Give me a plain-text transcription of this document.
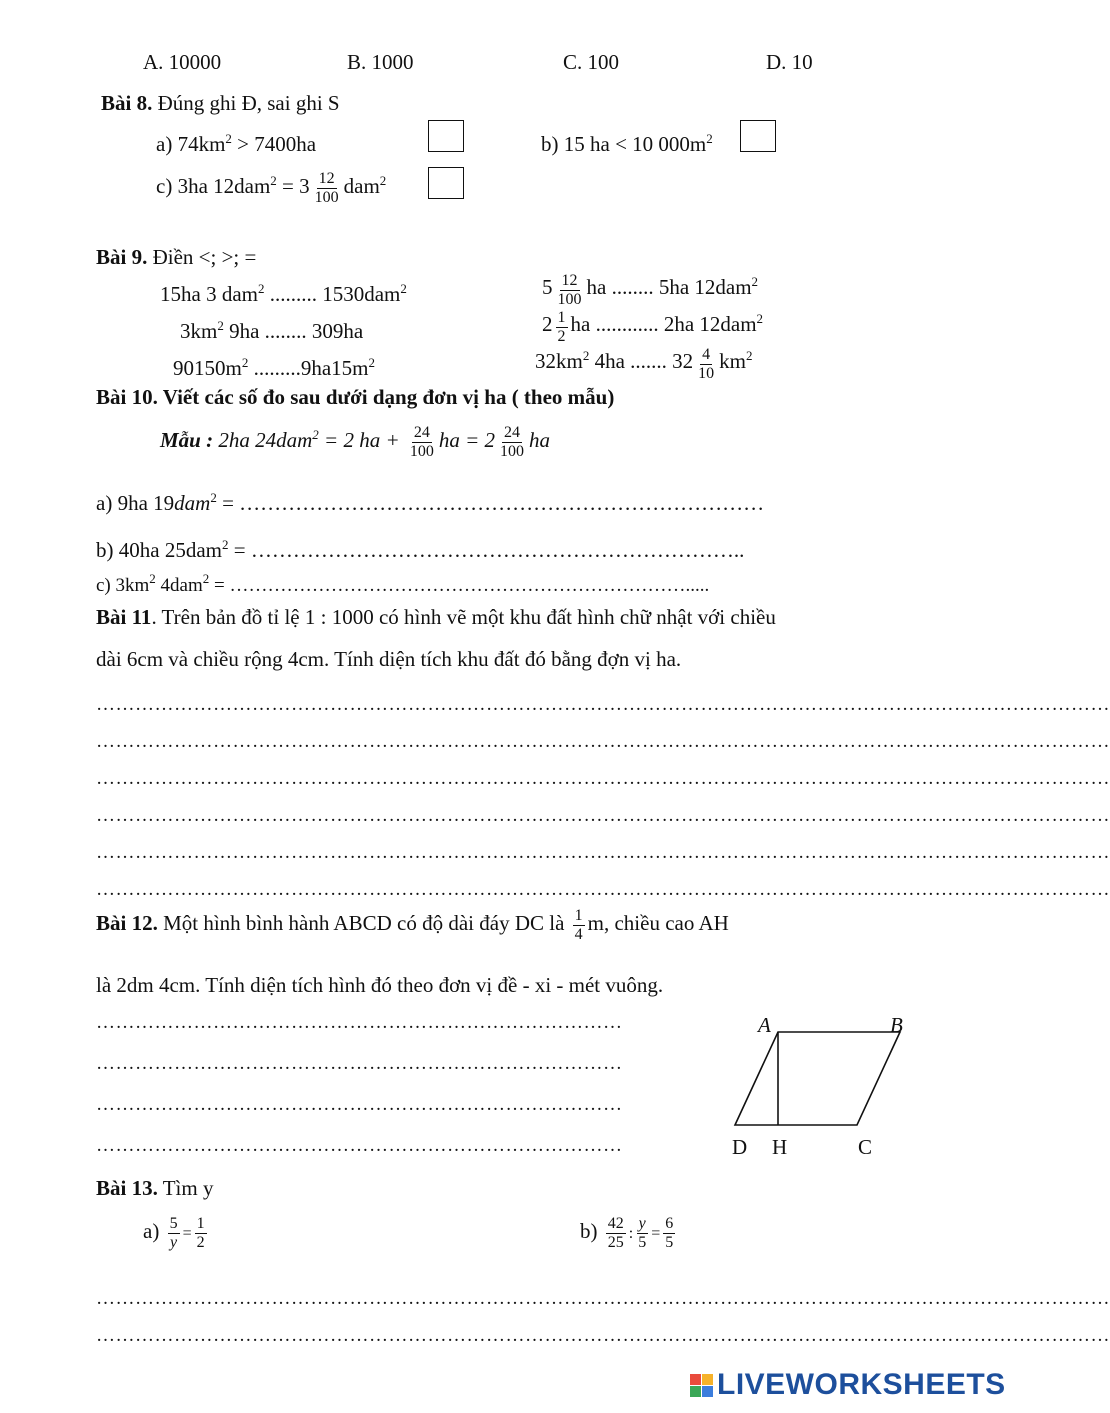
A. 10000	B. 1000	C. 100	D. 10
Bài 8. Đúng ghi Đ, sai ghi S
a) $74km^2 > 7400ha$	b) 15 ha < 10 $000m^2$
c) 3ha $12dam^2 = 3 \frac{12}{100} dam^2$
Bài 9. Điền <; >; =
15ha 3 dam$^2$ ......... 1530dam$^2$	$5 \frac{12}{100}$ ha ........ 5ha 12dam$^2$
$3km^2$ 9ha ........ 309ha	$2 \frac{1}{2}$ ha ............ 2ha 12dam$^2$
$90150m^2$ $.........9ha15m^2$	$32km^2$ 4ha ....... $32 \frac{4}{10} km^2$
Bài 10. Viết các số đo sau dưới dạng đơn vị ha ( theo mẫu)
Mẫu : 2ha 24dam$^2$ = 2 ha + $\frac{24}{100}$ ha = $2 \frac{24}{100}$ ha
a) 9ha 19dam$^2$ = …………………………………………………………………
b) 40ha 25dam$^2$ = ……………………………………………………………..
c) $3km^2$ 4dam$^2$ = ……………………………………………………………….....
Bài 11. Trên bản đồ tỉ lệ 1 : 1000 có hình vẽ một khu đất hình chữ nhật với chiều
dài 6cm và chiều rộng 4cm. Tính diện tích khu đất đó bằng đợn vị ha.
…………………………………………………………………………………………………………………………………………
…………………………………………………………………………………………………………………………………………
…………………………………………………………………………………………………………………………………………
…………………………………………………………………………………………………………………………………………
…………………………………………………………………………………………………………………………………………
…………………………………………………………………………………………………………………………………………
Bài 12. Một hình bình hành ABCD có độ dài đáy DC là $\frac{1}{4} m$, chiều cao AH
là 2dm 4cm. Tính diện tích hình đó theo đơn vị đề - xi - mét vuông.
………………………………………………………………………
………………………………………………………………………
………………………………………………………………………
………………………………………………………………………
A	B
D H	C
Bài 13. Tìm y
$a) \frac{5}{y} = \frac{1}{2}$	$b) \frac{42}{25}$ : $\frac{y}{5} = \frac{6}{5}$
…………………………………………………………………………………………………………………………………………
…………………………………………………………………………………………………………………………………………
LIVEWORKSHEETS
